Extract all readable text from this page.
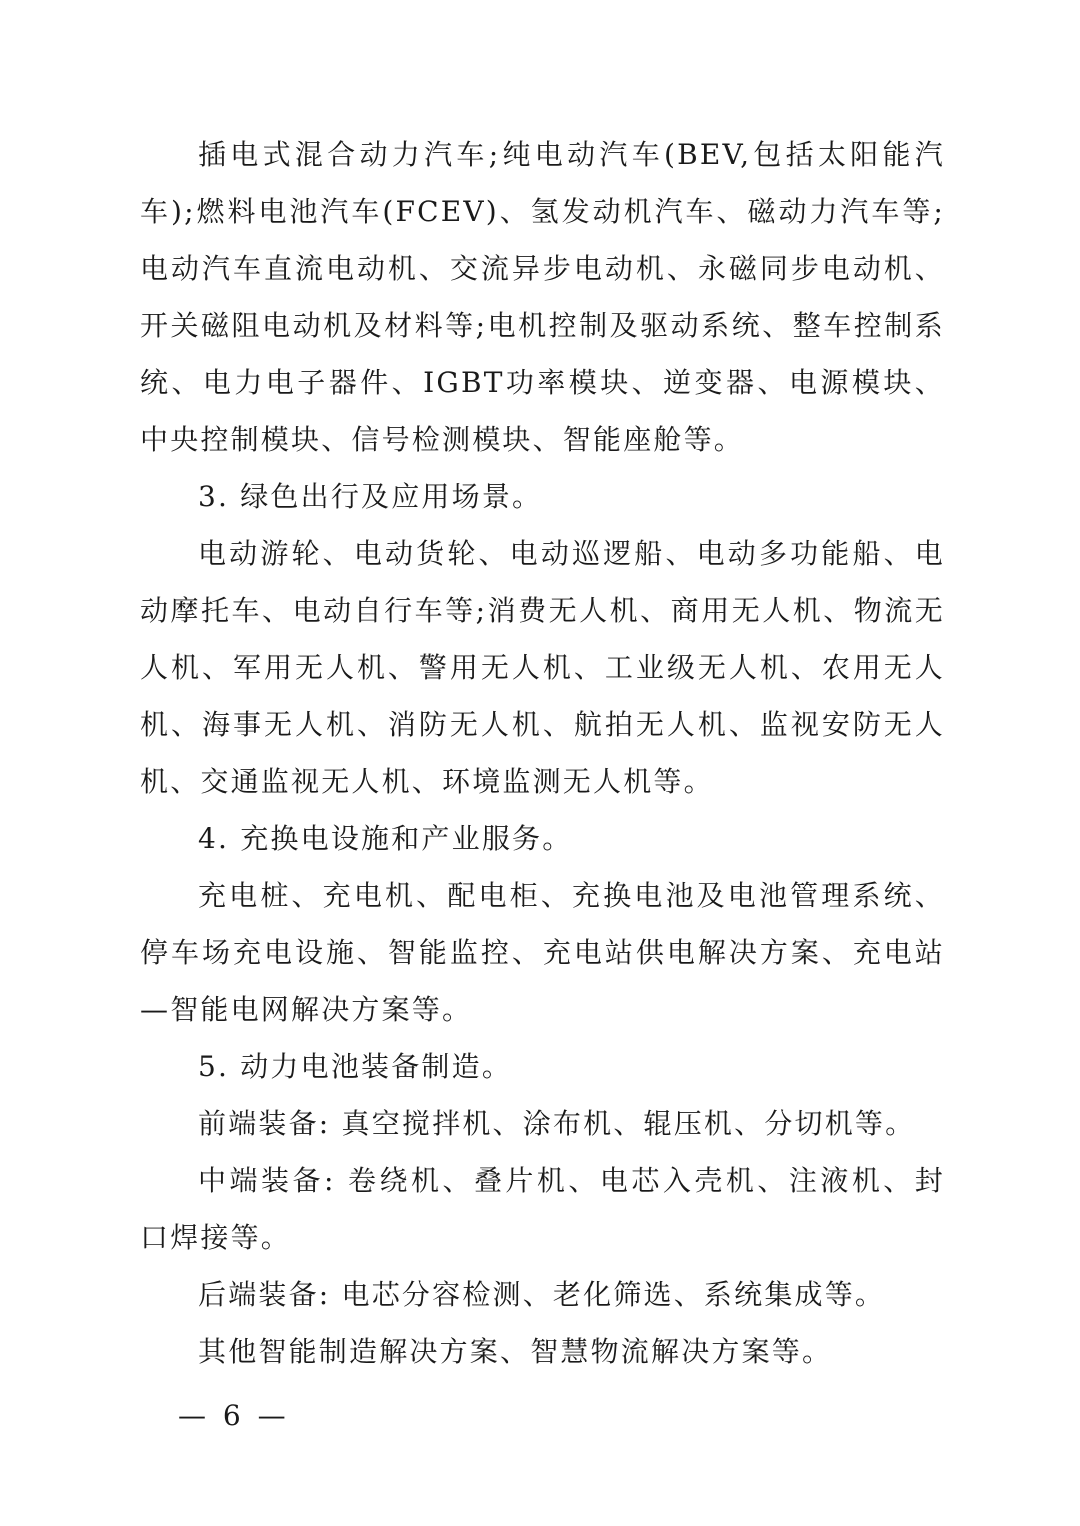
插电式混合动力汽车;纯电动汽车(BEV,包括太阳能汽车);燃料电池汽车(FCEV)、氢发动机汽车、磁动力汽车等;电动汽车直流电动机、交流异步电动机、永磁同步电动机、开关磁阻电动机及材料等;电机控制及驱动系统、整车控制系统、电力电子器件、IGBT功率模块、逆变器、电源模块、中央控制模块、信号检测模块、智能座舱等。

3. 绿色出行及应用场景。

电动游轮、电动货轮、电动巡逻船、电动多功能船、电动摩托车、电动自行车等;消费无人机、商用无人机、物流无人机、军用无人机、警用无人机、工业级无人机、农用无人机、海事无人机、消防无人机、航拍无人机、监视安防无人机、交通监视无人机、环境监测无人机等。

4. 充换电设施和产业服务。

充电桩、充电机、配电柜、充换电池及电池管理系统、停车场充电设施、智能监控、充电站供电解决方案、充电站—智能电网解决方案等。

5. 动力电池装备制造。

前端装备: 真空搅拌机、涂布机、辊压机、分切机等。

中端装备: 卷绕机、叠片机、电芯入壳机、注液机、封口焊接等。

后端装备: 电芯分容检测、老化筛选、系统集成等。

其他智能制造解决方案、智慧物流解决方案等。

— 6 —
